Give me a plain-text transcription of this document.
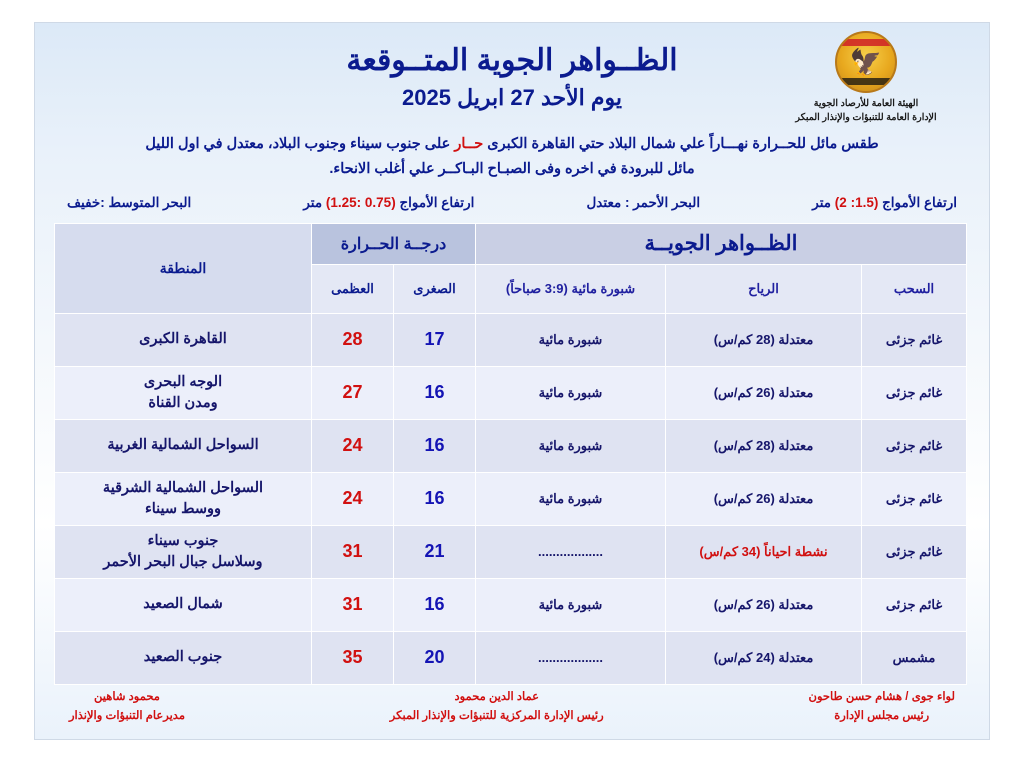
الظــواهر الجوية المتــوقعة
يوم الأحد 27 ابريل 2025
🦅
الهيئة العامة للأرصاد الجوية
الإدارة العامة للتنبؤات والإنذار المبكر
طقس مائل للحــرارة نهـــاراً علي شمال البلاد حتي القاهرة الكبرى حــار على جنوب سيناء وجنوب البلاد، معتدل في اول الليل
مائل للبرودة في اخره وفى الصبـاح البـاكــر علي أغلب الانحاء.
ارتفاع الأمواج (1.5: 2) متر
البحر الأحمر : معتدل
ارتفاع الأمواج (0.75 :1.25) متر
البحر المتوسط :خفيف
الظــواهر الجويــة			درجــة الحــرارة		المنطقة
السحب	الرياح	شبورة مائية (3:9 صباحاً)	الصغرى	العظمى	
غائم جزئى	معتدلة (28 كم/س)	شبورة مائية	17	28	القاهرة الكبرى
غائم جزئى	معتدلة (26 كم/س)	شبورة مائية	16	27	الوجه البحرى
ومدن القناة
غائم جزئى	معتدلة (28 كم/س)	شبورة مائية	16	24	السواحل الشمالية الغربية
غائم جزئى	معتدلة (26 كم/س)	شبورة مائية	16	24	السواحل الشمالية الشرقية
ووسط سيناء
غائم جزئى	نشطة احياناً (34 كم/س)	..................	21	31	جنوب سيناء
وسلاسل جبال البحر الأحمر
غائم جزئى	معتدلة (26 كم/س)	شبورة مائية	16	31	شمال الصعيد
مشمس	معتدلة (24 كم/س)	..................	20	35	جنوب الصعيد
لواء جوى / هشام حسن طاحون
رئيس مجلس الإدارة
عماد الدين محمود
رئيس الإدارة المركزية للتنبؤات والإنذار المبكر
محمود شاهين
مديرعام التنبؤات والإنذار
